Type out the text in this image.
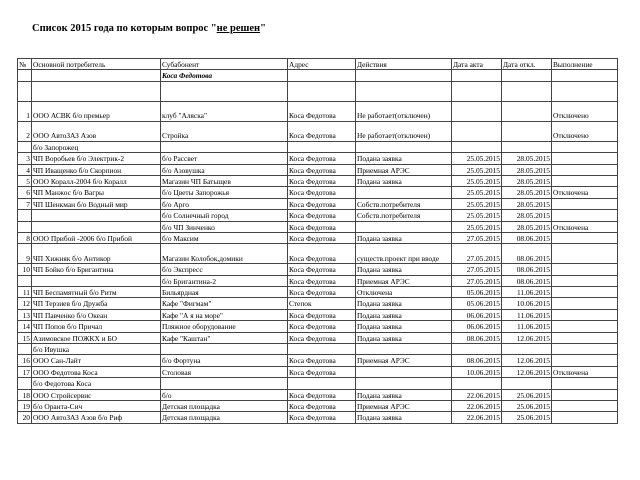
Список 2015 года по которым вопрос "не решен"
№	Основной потребитель	Субабонент	Адрес	Действия	Дата акта	Дата откл.	Выполнение
		Коса Федотова					

1	ООО АСВК б/о премьер	клуб "Аляска"	Коса Федотова	Не работает(отключен)			Отключено
2	ООО АвтоЗАЗ Азов	Стройка	Коса Федотова	Не работает(отключен)			Отключено
	б/о Запорожец						
3	ЧП Воробьев б/о Электрик-2	б/о Рассвет	Коса Федотова	Подана заявка	25.05.2015	28.05.2015	
4	ЧП Иващенко б/о Скорпион	б/о Азовушка	Коса Федотова	Приемная АРЭС	25.05.2015	28.05.2015	
5	ООО Коралл-2004 б/о Коралл	Магазин ЧП Батыщев	Коса Федотова	Подана заявка	25.05.2015	28.05.2015	
6	ЧП Манжос б/о Вагры	б/о Цветы Запорожья	Коса Федотова		25.05.2015	28.05.2015	Отключена
7	ЧП Шенкман б/о Водный мир	б/о Арго	Коса Федотова	Собств.потребителя	25.05.2015	28.05.2015	
		б/о Солнечный город	Коса Федотова	Собств.потребителя	25.05.2015	28.05.2015	
		б/о ЧП Зинченко	Коса Федотова		25.05.2015	28.05.2015	Отключена
8	ООО Прибой -2006 б/о Прибой	б/о Максим	Коса Федотова	Подана заявка	27.05.2015	08.06.2015	
9	ЧП Хижняк б/о Антикор	Магазин Колобок,домики	Коса Федотова	существ.проект при вводе	27.05.2015	08.06.2015	
10	ЧП Бойко б/о Бригантина	б/о Экспресс	Коса Федотова	Подана заявка	27.05.2015	08.06.2015	
		б/о Бригантина-2	Коса Федотова	Приемная АРЭС	27.05.2015	08.06.2015	
11	ЧП Беспамятный б/о Ритм	Бильярдная	Коса Федотова	Отключена	05.06.2015	11.06.2015	
12	ЧП Терзиев б/о Дружба	Кафе "Фигмам"	Степок	Подана заявка	05.06.2015	10.06.2015	
13	ЧП Павченко б/о Океан	Кафе "А я на море"	Коса Федотова	Подана заявка	06.06.2015	11.06.2015	
14	ЧП Попов б/о Причал	Пляжное оборудование	Коса Федотова	Подана заявка	06.06.2015	11.06.2015	
15	Азимовское ПОЖКХ и БО	Кафе "Каштан"	Коса Федотова	Подана заявка	08.06.2015	12.06.2015	
	б/о Ивушка						
16	ООО Сан-Лайт	б/о Фортуна	Коса Федотова	Приемная АРЭС	08.06.2015	12.06.2015	
17	ООО Федотова Коса	Столовая	Коса Федотова		10.06.2015	12.06.2015	Отключена
	б/о Федотова Коса						
18	ООО Стройсервис	б/о	Коса Федотова	Подана заявка	22.06.2015	25.06.2015	
19	б/о Оранта-Сич	Детская площадка	Коса Федотова	Приемная АРЭС	22.06.2015	25.06.2015	
20	ООО АвтоЗАЗ Азов б/о Риф	Детская площадка	Коса Федотова	Подана заявка	22.06.2015	25.06.2015	
